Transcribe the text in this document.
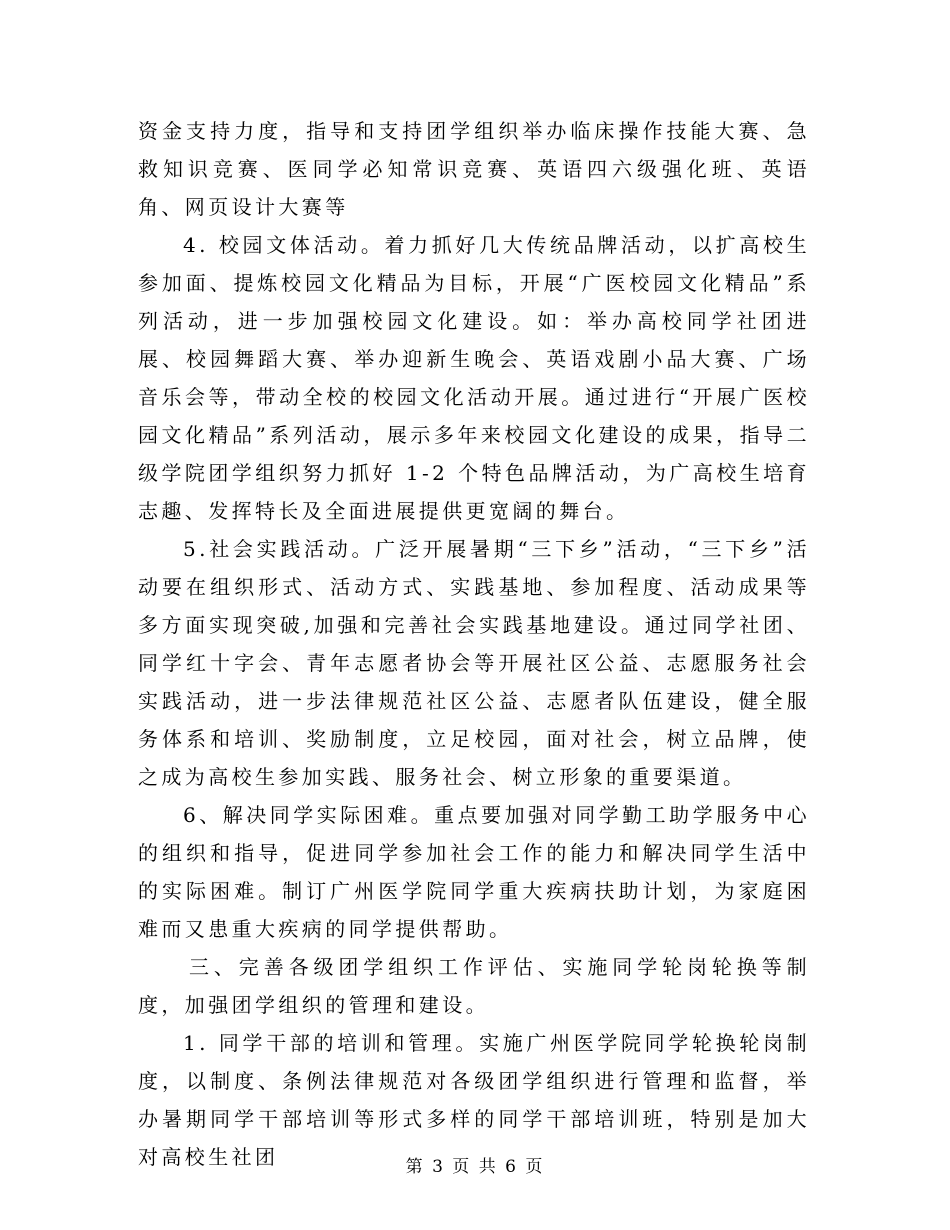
资金支持力度，指导和支持团学组织举办临床操作技能大赛、急救知识竞赛、医同学必知常识竞赛、英语四六级强化班、英语角、网页设计大赛等

4. 校园文体活动。着力抓好几大传统品牌活动，以扩高校生参加面、提炼校园文化精品为目标，开展“广医校园文化精品”系列活动，进一步加强校园文化建设。如：举办高校同学社团进展、校园舞蹈大赛、举办迎新生晚会、英语戏剧小品大赛、广场音乐会等，带动全校的校园文化活动开展。通过进行“开展广医校园文化精品”系列活动，展示多年来校园文化建设的成果，指导二级学院团学组织努力抓好 1-2 个特色品牌活动，为广高校生培育志趣、发挥特长及全面进展提供更宽阔的舞台。

5.社会实践活动。广泛开展暑期“三下乡”活动，“三下乡”活动要在组织形式、活动方式、实践基地、参加程度、活动成果等多方面实现突破,加强和完善社会实践基地建设。通过同学社团、同学红十字会、青年志愿者协会等开展社区公益、志愿服务社会实践活动，进一步法律规范社区公益、志愿者队伍建设，健全服务体系和培训、奖励制度，立足校园，面对社会，树立品牌，使之成为高校生参加实践、服务社会、树立形象的重要渠道。

6、解决同学实际困难。重点要加强对同学勤工助学服务中心的组织和指导，促进同学参加社会工作的能力和解决同学生活中的实际困难。制订广州医学院同学重大疾病扶助计划，为家庭困难而又患重大疾病的同学提供帮助。

三、完善各级团学组织工作评估、实施同学轮岗轮换等制度，加强团学组织的管理和建设。

1. 同学干部的培训和管理。实施广州医学院同学轮换轮岗制度，以制度、条例法律规范对各级团学组织进行管理和监督，举办暑期同学干部培训等形式多样的同学干部培训班，特别是加大对高校生社团	第 3 页 共 6 页
